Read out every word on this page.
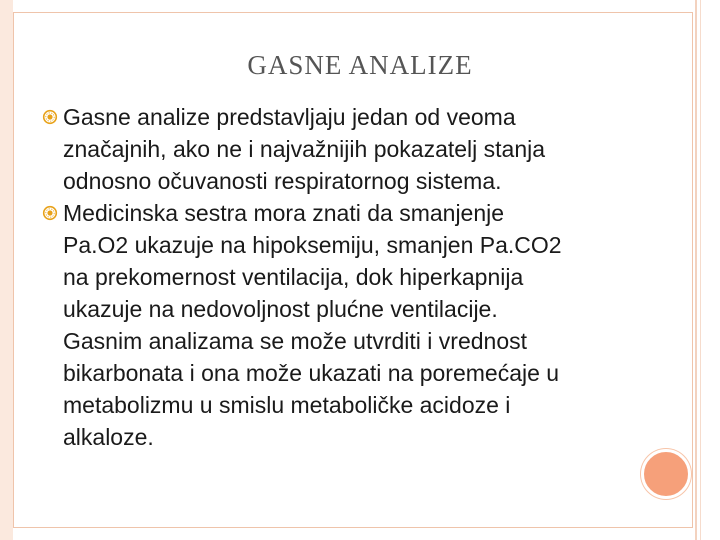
GASNE ANALIZE
Gasne analize predstavljaju jedan od veoma
značajnih, ako ne i najvažnijih pokazatelj stanja
odnosno očuvanosti respiratornog sistema.
Medicinska sestra mora znati da smanjenje
Pa.O2 ukazuje na hipoksemiju, smanjen Pa.CO2
na prekomernost ventilacija, dok hiperkapnija
ukazuje na nedovoljnost plućne ventilacije.
Gasnim analizama se može utvrditi i vrednost
bikarbonata i ona može ukazati na poremećaje u
metabolizmu u smislu metaboličke acidoze i
alkaloze.
